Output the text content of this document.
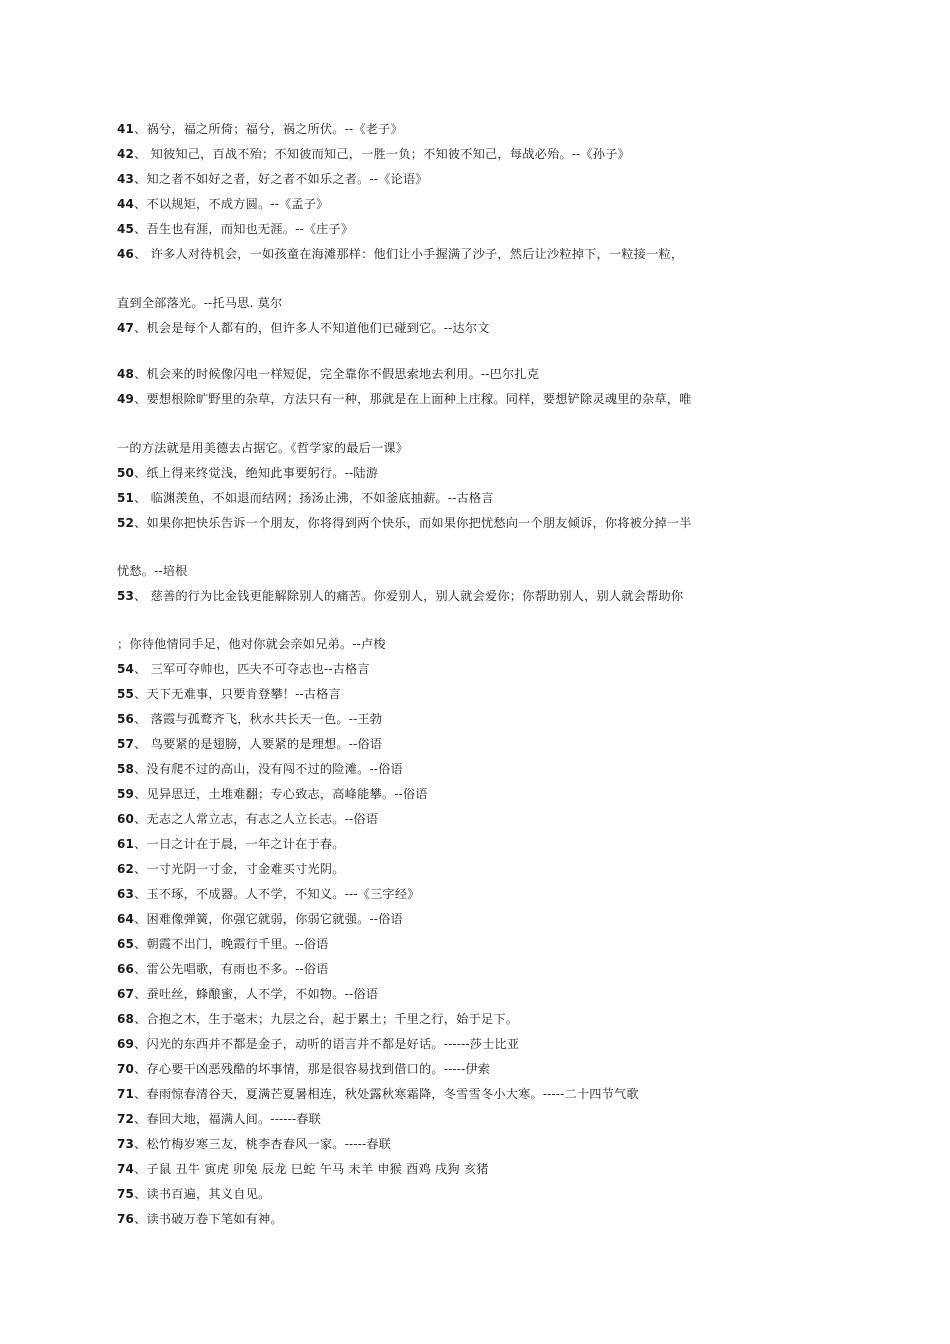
41、祸兮，福之所倚；福兮，祸之所伏。--《老子》
42、 知彼知己，百战不殆；不知彼而知己，一胜一负；不知彼不知己，每战必殆。--《孙子》
43、知之者不如好之者，好之者不如乐之者。--《论语》
44、不以规矩，不成方圆。--《孟子》
45、吾生也有涯，而知也无涯。--《庄子》
46、 许多人对待机会，一如孩童在海滩那样：他们让小手握满了沙子，然后让沙粒掉下，一粒接一粒，
直到全部落光。--托马思. 莫尔
47、机会是每个人都有的，但许多人不知道他们已碰到它。--达尔文
48、机会来的时候像闪电一样短促，完全靠你不假思索地去利用。--巴尔扎克
49、要想根除旷野里的杂草，方法只有一种，那就是在上面种上庄稼。同样，要想铲除灵魂里的杂草，唯
一的方法就是用美德去占据它。《哲学家的最后一课》
50、纸上得来终觉浅，绝知此事要躬行。--陆游
51、 临渊羡鱼，不如退而结网；扬汤止沸，不如釜底抽薪。--古格言
52、如果你把快乐告诉一个朋友，你将得到两个快乐，而如果你把忧愁向一个朋友倾诉，你将被分掉一半
忧愁。--培根
53、 慈善的行为比金钱更能解除别人的痛苦。你爱别人，别人就会爱你；你帮助别人，别人就会帮助你
；你待他情同手足，他对你就会亲如兄弟。--卢梭
54、 三军可夺帅也，匹夫不可夺志也--古格言
55、天下无难事，只要肯登攀！--古格言
56、 落霞与孤鹜齐飞，秋水共长天一色。--王勃
57、 鸟要紧的是翅膀，人要紧的是理想。--俗语
58、没有爬不过的高山，没有闯不过的险滩。--俗语
59、见异思迁，土堆难翻；专心致志，高峰能攀。--俗语
60、无志之人常立志，有志之人立长志。--俗语
61、一日之计在于晨，一年之计在于春。
62、一寸光阴一寸金，寸金难买寸光阴。
63、玉不琢，不成器。人不学，不知义。---《三字经》
64、困难像弹簧，你强它就弱，你弱它就强。--俗语
65、朝霞不出门，晚霞行千里。--俗语
66、雷公先唱歌，有雨也不多。--俗语
67、蚕吐丝，蜂酿蜜，人不学，不如物。--俗语
68、合抱之木，生于毫末；九层之台，起于累土；千里之行，始于足下。
69、闪光的东西并不都是金子，动听的语言并不都是好话。------莎士比亚
70、存心要干凶恶残酷的坏事情，那是很容易找到借口的。-----伊索
71、春雨惊春清谷天，夏满芒夏暑相连，秋处露秋寒霜降，冬雪雪冬小大寒。-----二十四节气歌
72、春回大地，福满人间。------春联
73、松竹梅岁寒三友，桃李杏春风一家。-----春联
74、子鼠 丑牛 寅虎 卯兔 辰龙 巳蛇 午马 未羊 申猴 酉鸡 戌狗 亥猪
75、读书百遍，其义自见。
76、读书破万卷下笔如有神。
